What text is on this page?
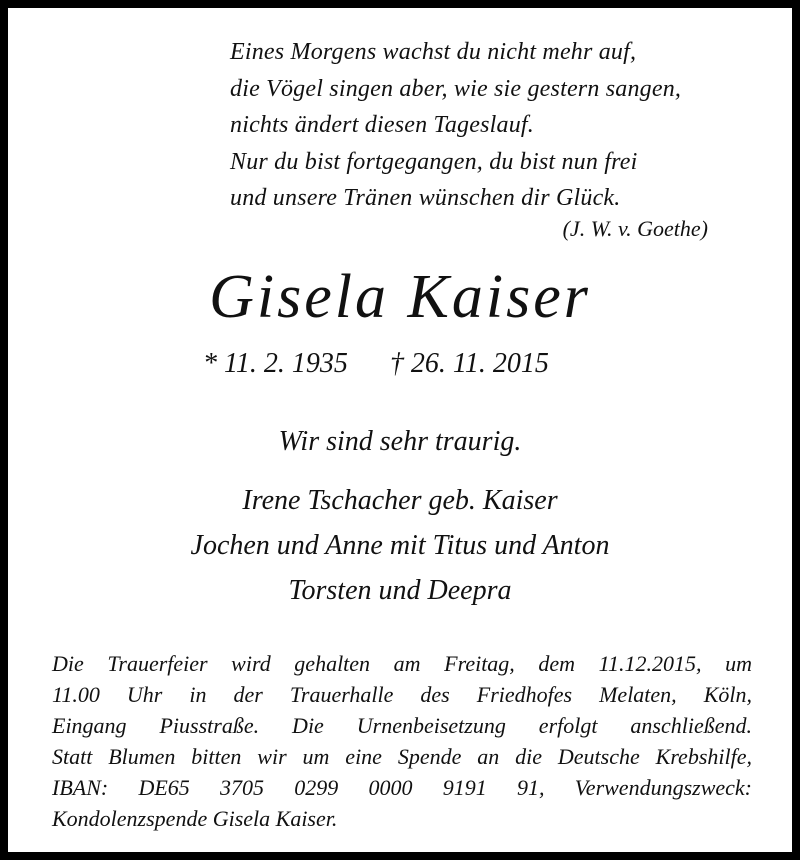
Eines Morgens wachst du nicht mehr auf,
die Vögel singen aber, wie sie gestern sangen,
nichts ändert diesen Tageslauf.
Nur du bist fortgegangen, du bist nun frei
und unsere Tränen wünschen dir Glück.
(J. W. v. Goethe)
Gisela Kaiser
* 11. 2. 1935 † 26. 11. 2015
Wir sind sehr traurig.
Irene Tschacher geb. Kaiser
Jochen und Anne mit Titus und Anton
Torsten und Deepra
Die Trauerfeier wird gehalten am Freitag, dem 11.12.2015, um
11.00 Uhr in der Trauerhalle des Friedhofes Melaten, Köln,
Eingang Piusstraße. Die Urnenbeisetzung erfolgt anschließend.
Statt Blumen bitten wir um eine Spende an die Deutsche Krebshilfe,
IBAN: DE65 3705 0299 0000 9191 91, Verwendungszweck:
Kondolenzspende Gisela Kaiser.
